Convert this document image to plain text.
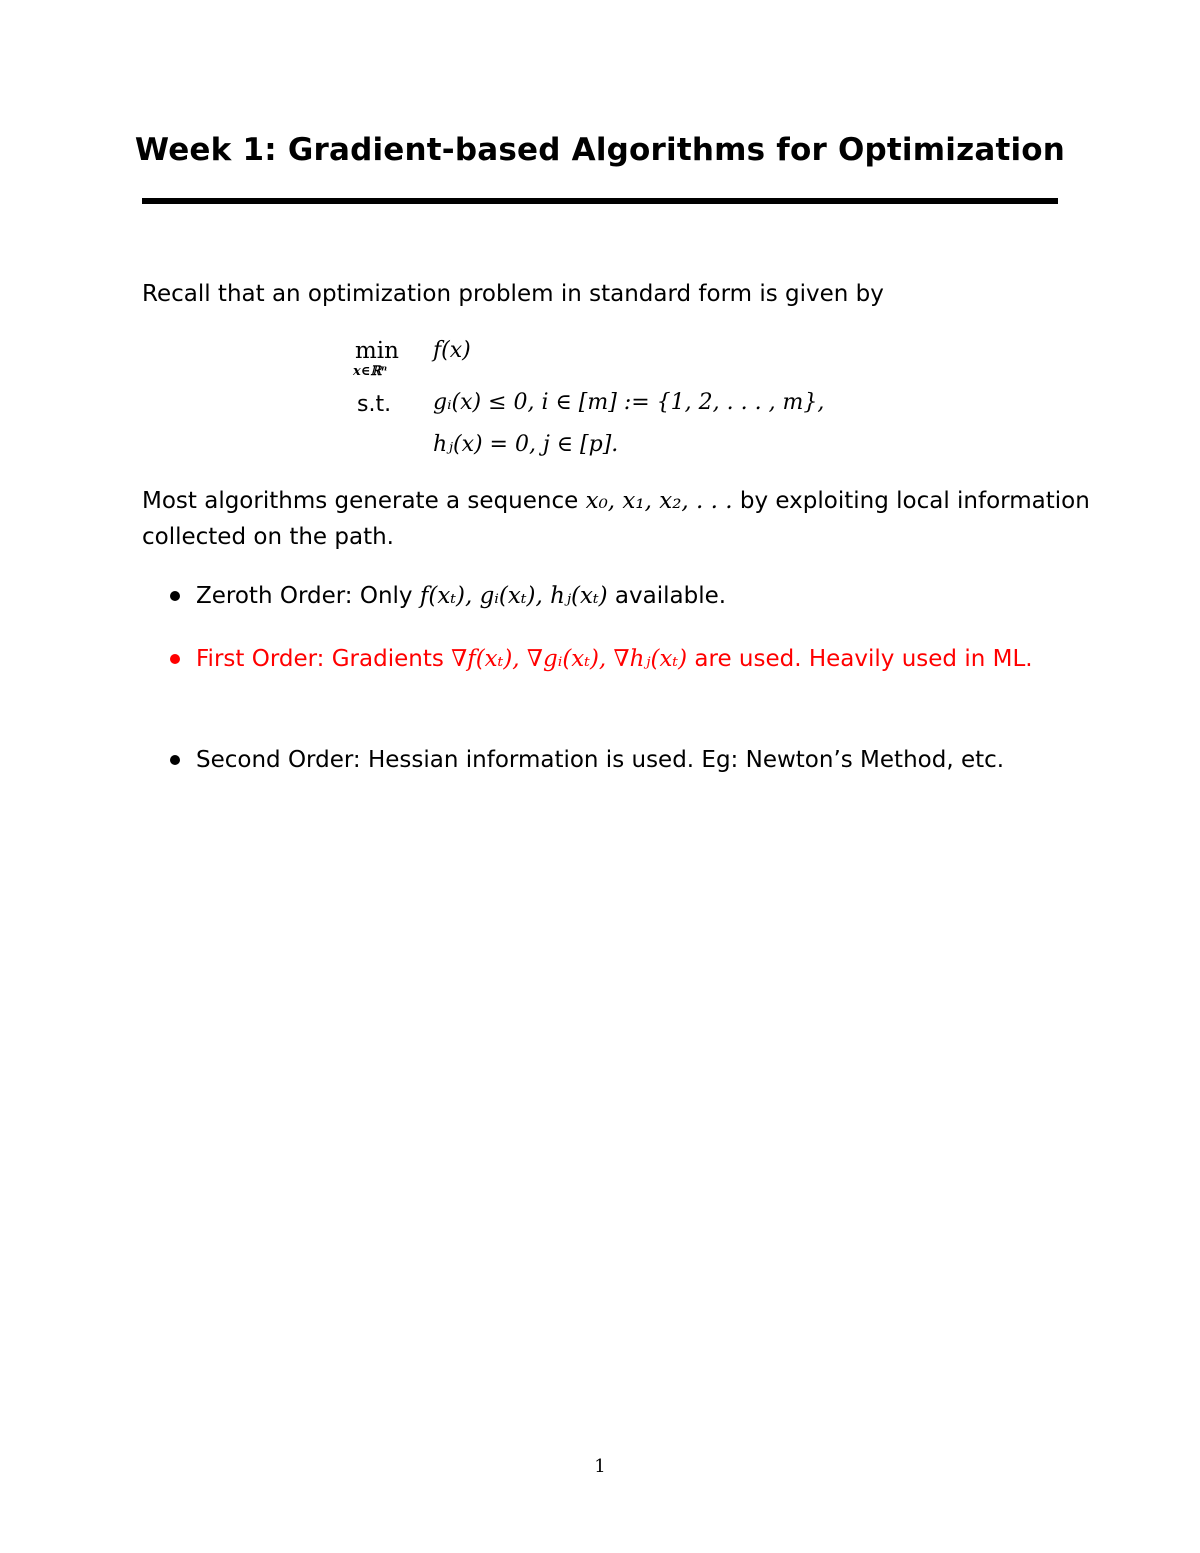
Week 1: Gradient-based Algorithms for Optimization
Recall that an optimization problem in standard form is given by
min
x∈ℝⁿ
f(x)
s.t. gᵢ(x) ≤ 0, i ∈ [m] := {1, 2, . . . , m},
hⱼ(x) = 0, j ∈ [p].
Most algorithms generate a sequence x₀, x₁, x₂, . . . by exploiting local information
collected on the path.
Zeroth Order: Only f(xₜ), gᵢ(xₜ), hⱼ(xₜ) available.
First Order: Gradients ∇f(xₜ), ∇gᵢ(xₜ), ∇hⱼ(xₜ) are used. Heavily used in ML.
Second Order: Hessian information is used. Eg: Newton’s Method, etc.
1
